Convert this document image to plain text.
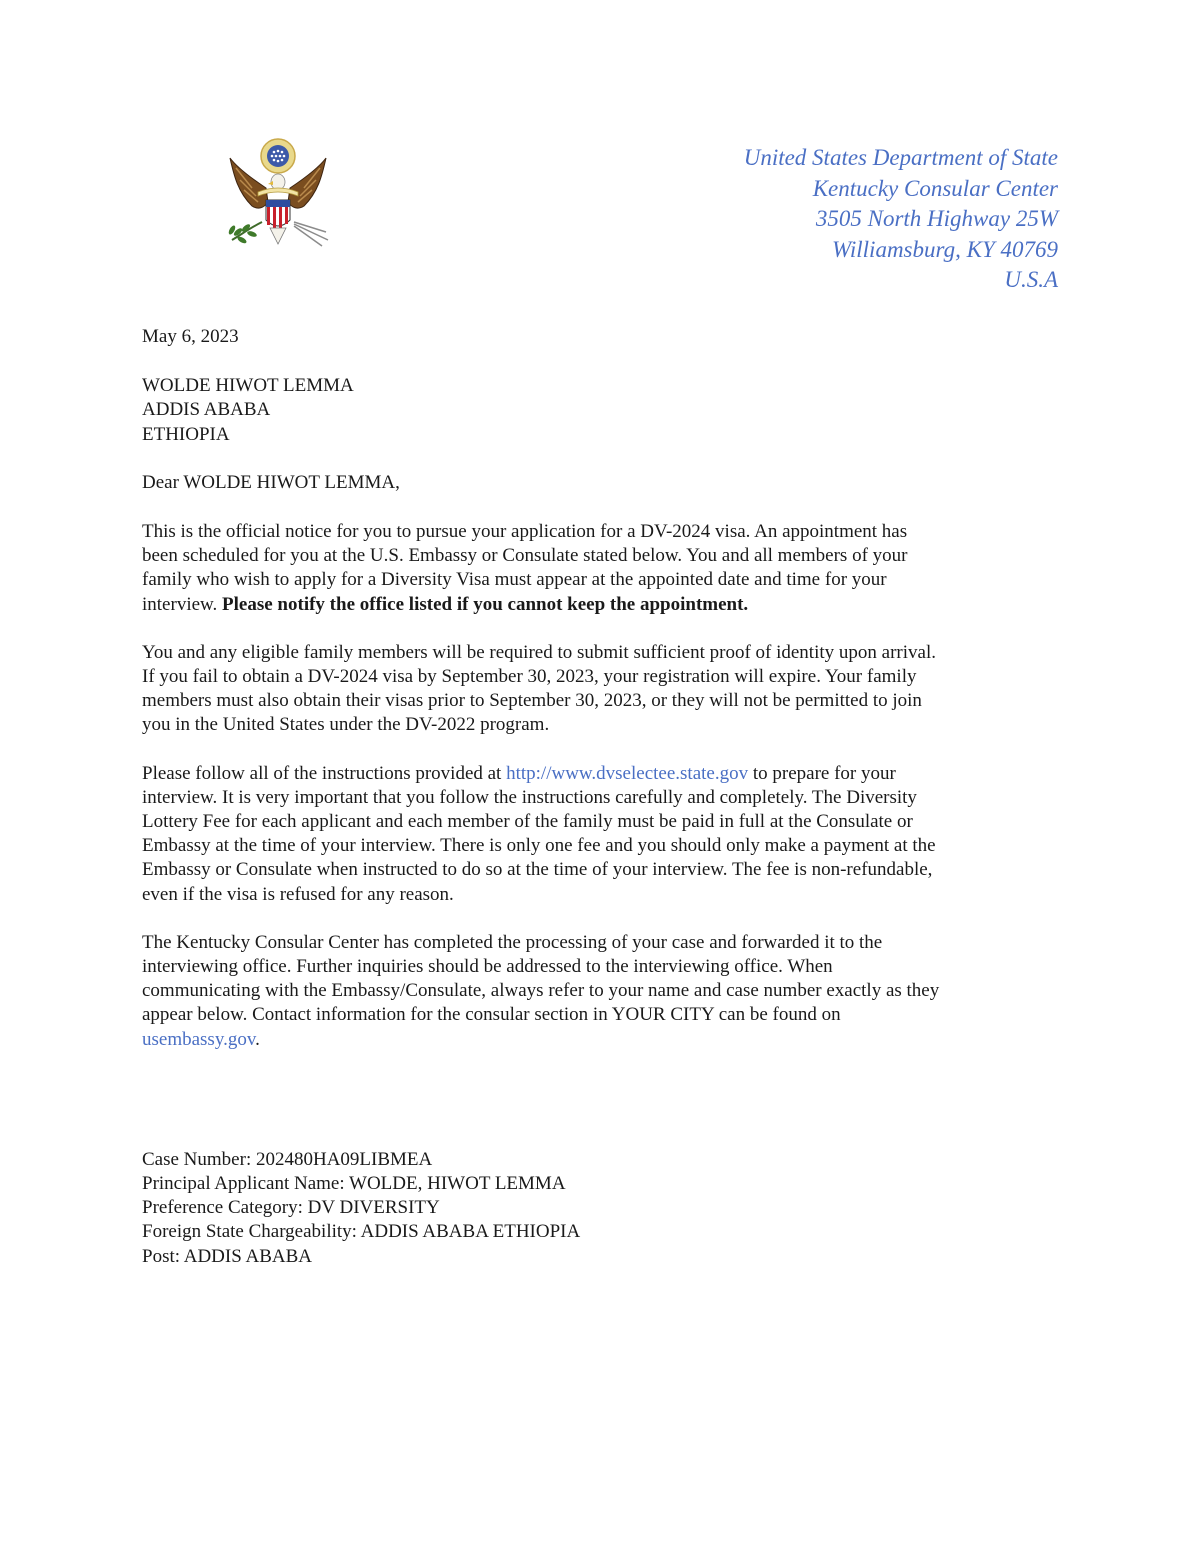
United States Department of State
Kentucky Consular Center
3505 North Highway 25W
Williamsburg, KY 40769
U.S.A
May 6, 2023
WOLDE HIWOT LEMMA
ADDIS ABABA
ETHIOPIA
Dear WOLDE HIWOT LEMMA,
This is the official notice for you to pursue your application for a DV-2024 visa. An appointment has
been scheduled for you at the U.S. Embassy or Consulate stated below. You and all members of your
family who wish to apply for a Diversity Visa must appear at the appointed date and time for your
interview. Please notify the office listed if you cannot keep the appointment.
You and any eligible family members will be required to submit sufficient proof of identity upon arrival.
If you fail to obtain a DV-2024 visa by September 30, 2023, your registration will expire. Your family
members must also obtain their visas prior to September 30, 2023, or they will not be permitted to join
you in the United States under the DV-2022 program.
Please follow all of the instructions provided at http://www.dvselectee.state.gov to prepare for your
interview. It is very important that you follow the instructions carefully and completely. The Diversity
Lottery Fee for each applicant and each member of the family must be paid in full at the Consulate or
Embassy at the time of your interview. There is only one fee and you should only make a payment at the
Embassy or Consulate when instructed to do so at the time of your interview. The fee is non-refundable,
even if the visa is refused for any reason.
The Kentucky Consular Center has completed the processing of your case and forwarded it to the
interviewing office. Further inquiries should be addressed to the interviewing office. When
communicating with the Embassy/Consulate, always refer to your name and case number exactly as they
appear below. Contact information for the consular section in YOUR CITY can be found on
usembassy.gov.
Case Number: 202480HA09LIBMEA
Principal Applicant Name: WOLDE, HIWOT LEMMA
Preference Category: DV DIVERSITY
Foreign State Chargeability: ADDIS ABABA ETHIOPIA
Post: ADDIS ABABA
